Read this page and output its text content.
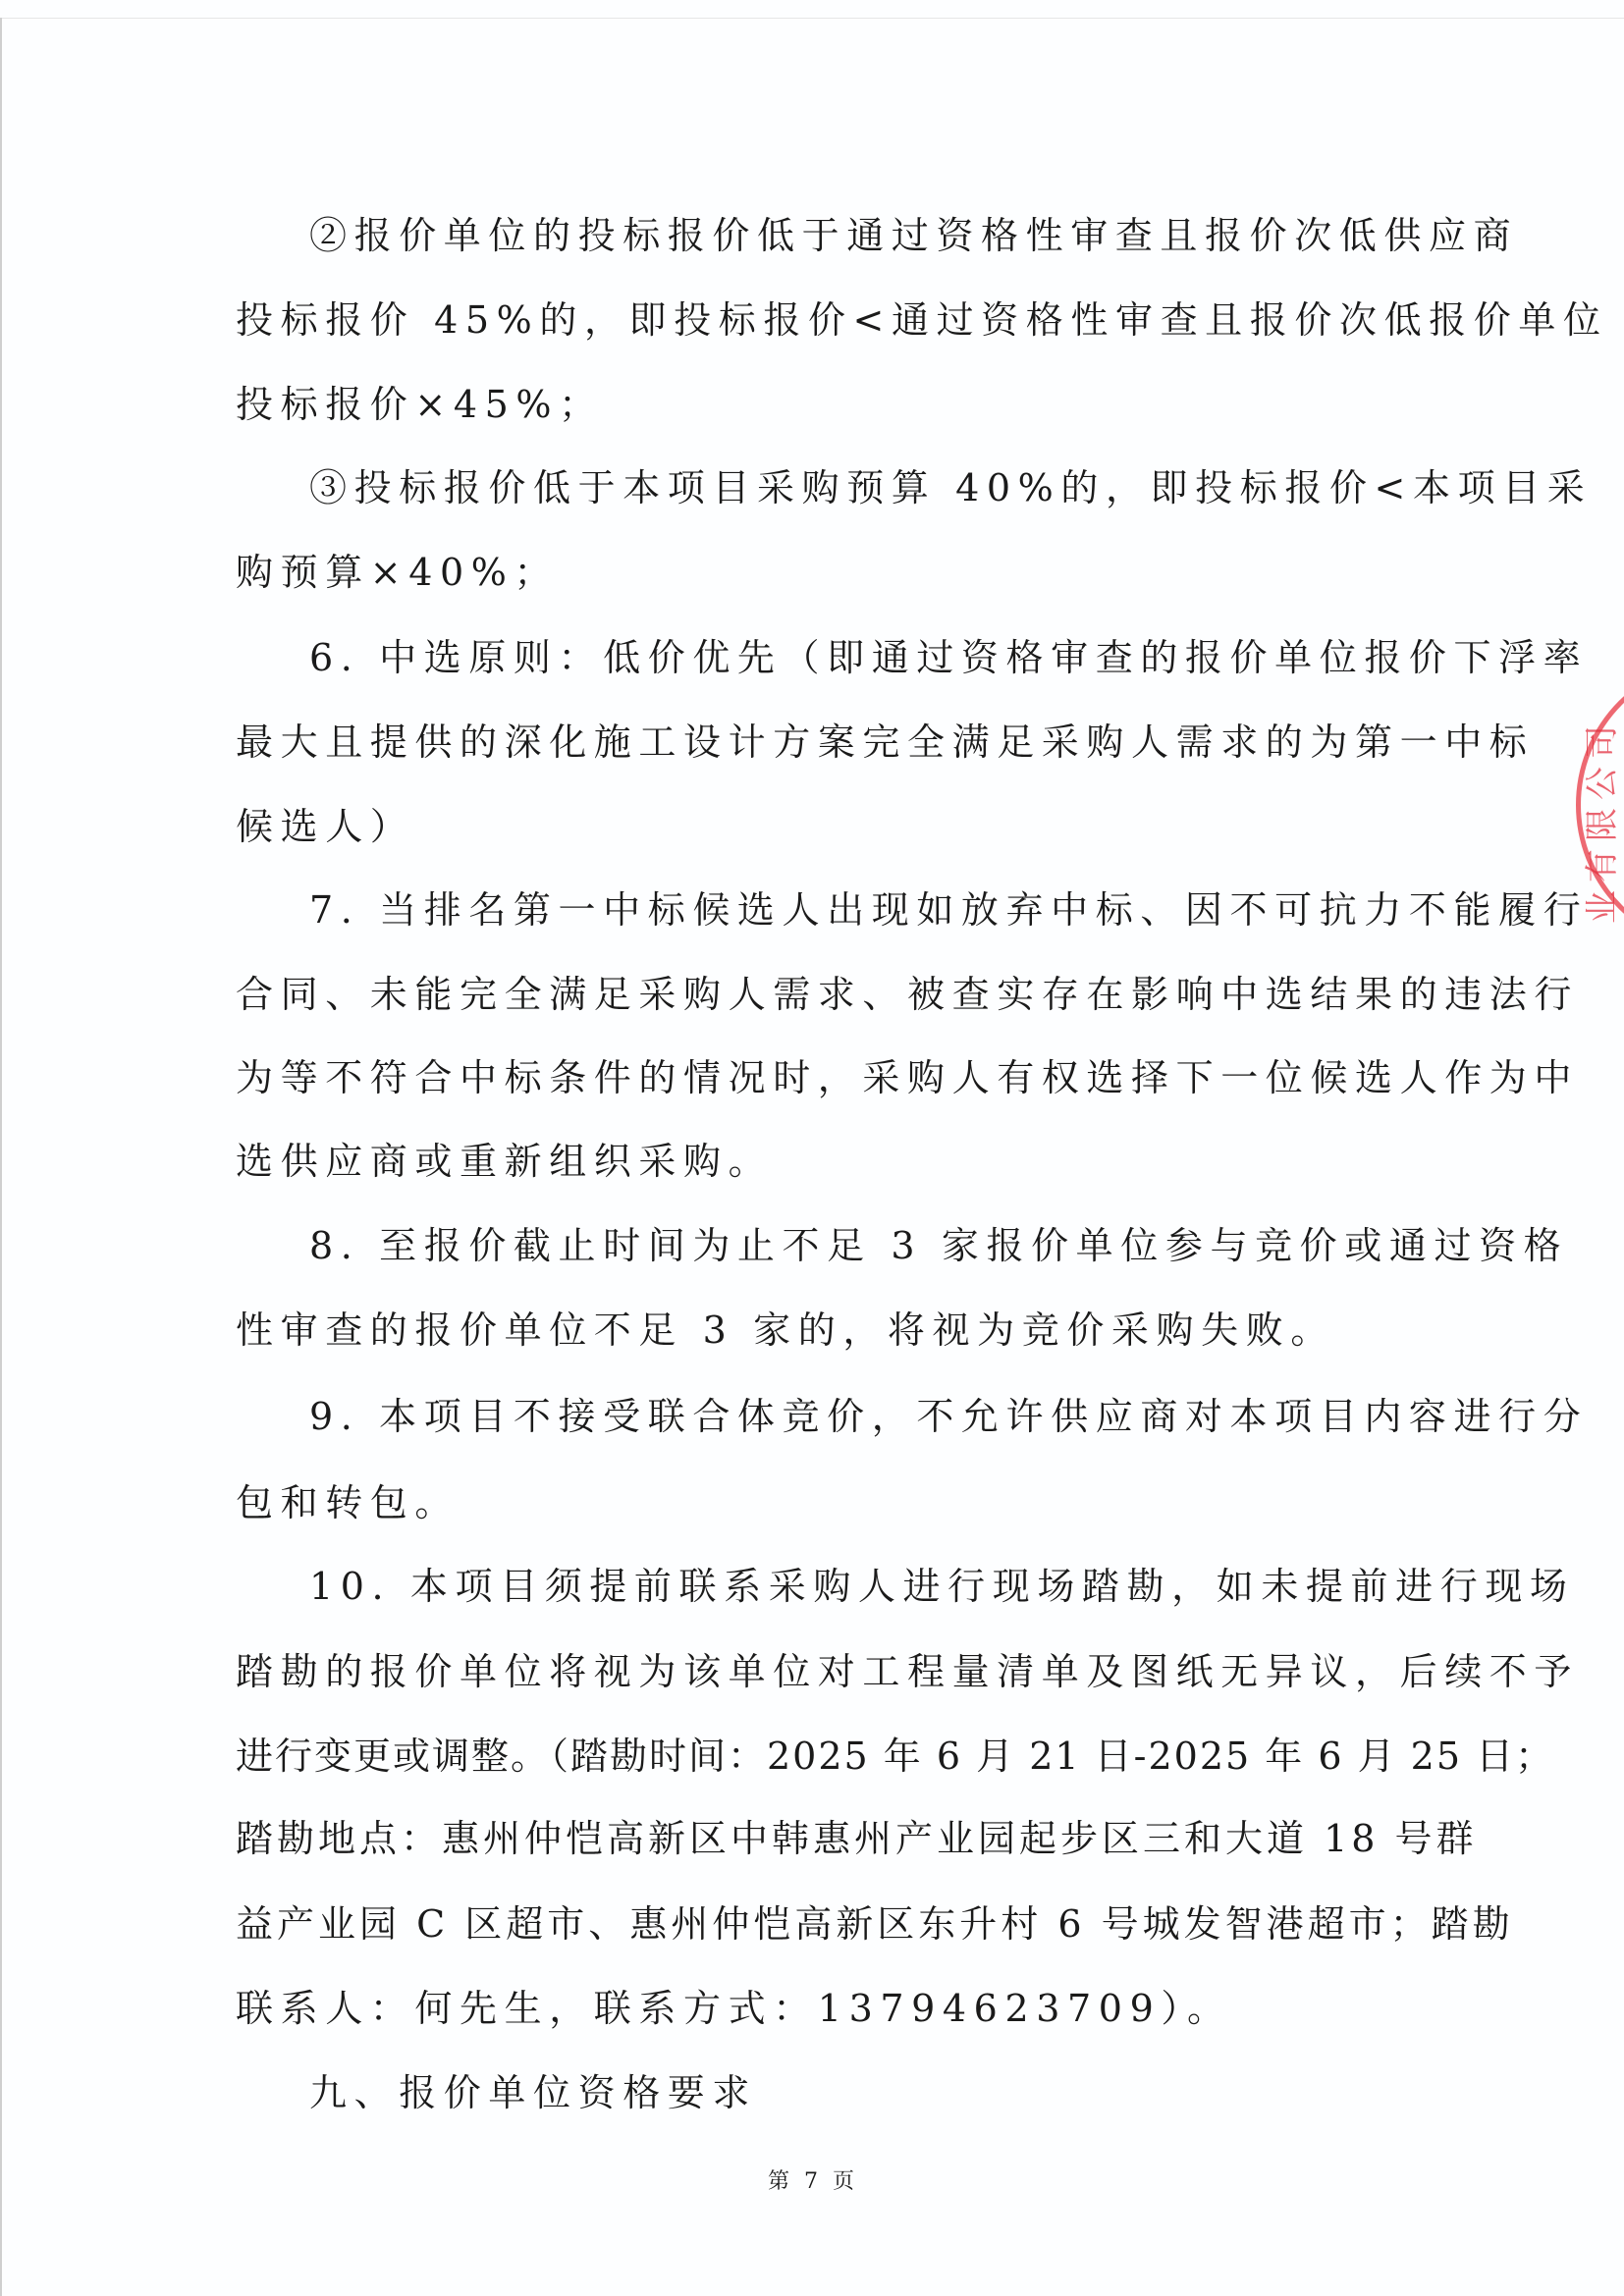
②报价单位的投标报价低于通过资格性审查且报价次低供应商
投标报价 45%的，即投标报价<通过资格性审查且报价次低报价单位
投标报价×45%；
③投标报价低于本项目采购预算 40%的，即投标报价<本项目采
购预算×40%；
6. 中选原则：低价优先（即通过资格审查的报价单位报价下浮率
最大且提供的深化施工设计方案完全满足采购人需求的为第一中标
候选人）
7. 当排名第一中标候选人出现如放弃中标、因不可抗力不能履行
合同、未能完全满足采购人需求、被查实存在影响中选结果的违法行
为等不符合中标条件的情况时，采购人有权选择下一位候选人作为中
选供应商或重新组织采购。
8. 至报价截止时间为止不足 3 家报价单位参与竞价或通过资格
性审查的报价单位不足 3 家的，将视为竞价采购失败。
9. 本项目不接受联合体竞价，不允许供应商对本项目内容进行分
包和转包。
10. 本项目须提前联系采购人进行现场踏勘，如未提前进行现场
踏勘的报价单位将视为该单位对工程量清单及图纸无异议，后续不予
进行变更或调整。（踏勘时间：2025 年 6 月 21 日-2025 年 6 月 25 日；
踏勘地点：惠州仲恺高新区中韩惠州产业园起步区三和大道 18 号群
益产业园 C 区超市、惠州仲恺高新区东升村 6 号城发智港超市；踏勘
联系人：何先生，联系方式：13794623709）。
九、报价单位资格要求
第 7 页
司
公
限
有
业
